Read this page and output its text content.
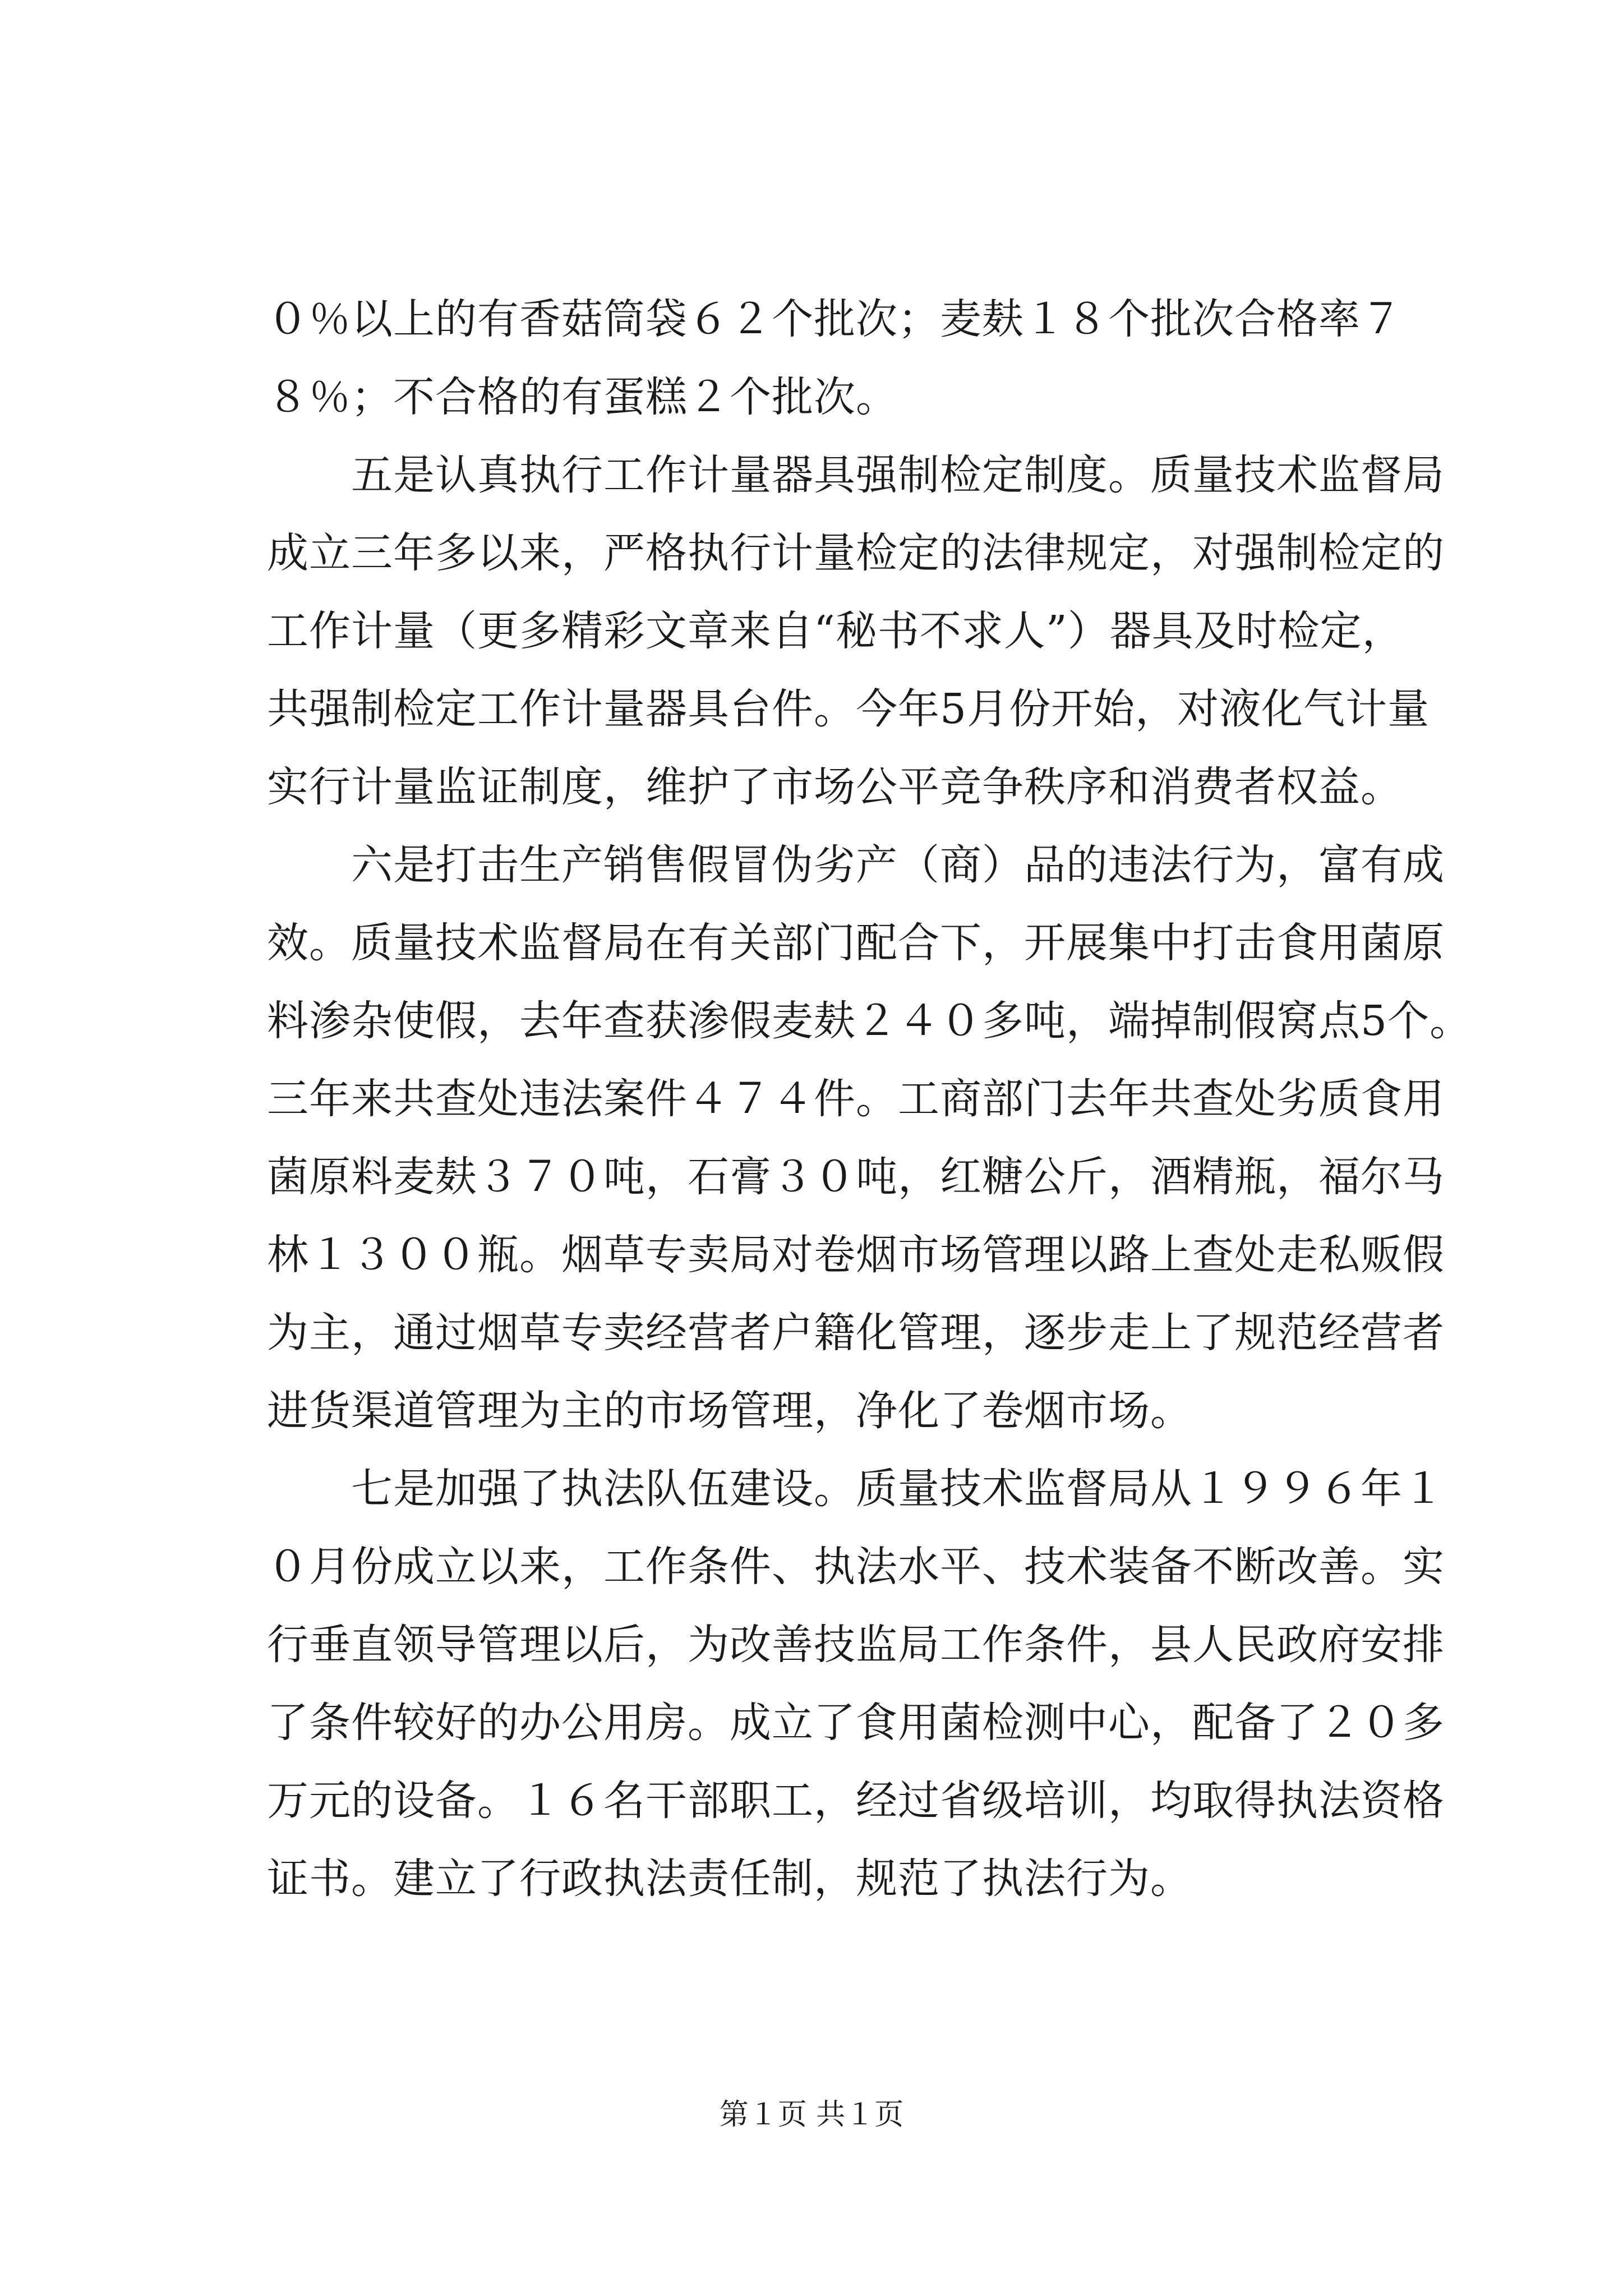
０％以上的有香菇筒袋６２个批次；麦麸１８个批次合格率７
８％；不合格的有蛋糕２个批次。
五是认真执行工作计量器具强制检定制度。质量技术监督局
成立三年多以来，严格执行计量检定的法律规定，对强制检定的
工作计量（更多精彩文章来自“秘书不求人”）器具及时检定，
共强制检定工作计量器具台件。今年5月份开始，对液化气计量
实行计量监证制度，维护了市场公平竞争秩序和消费者权益。
六是打击生产销售假冒伪劣产（商）品的违法行为，富有成
效。质量技术监督局在有关部门配合下，开展集中打击食用菌原
料渗杂使假，去年查获渗假麦麸２４０多吨，端掉制假窝点5个。
三年来共查处违法案件４７４件。工商部门去年共查处劣质食用
菌原料麦麸３７０吨，石膏３０吨，红糖公斤，酒精瓶，福尔马
林１３００瓶。烟草专卖局对卷烟市场管理以路上查处走私贩假
为主，通过烟草专卖经营者户籍化管理，逐步走上了规范经营者
进货渠道管理为主的市场管理，净化了卷烟市场。
七是加强了执法队伍建设。质量技术监督局从１９９６年１
０月份成立以来，工作条件、执法水平、技术装备不断改善。实
行垂直领导管理以后，为改善技监局工作条件，县人民政府安排
了条件较好的办公用房。成立了食用菌检测中心，配备了２０多
万元的设备。１６名干部职工，经过省级培训，均取得执法资格
证书。建立了行政执法责任制，规范了执法行为。
第１页 共１页
